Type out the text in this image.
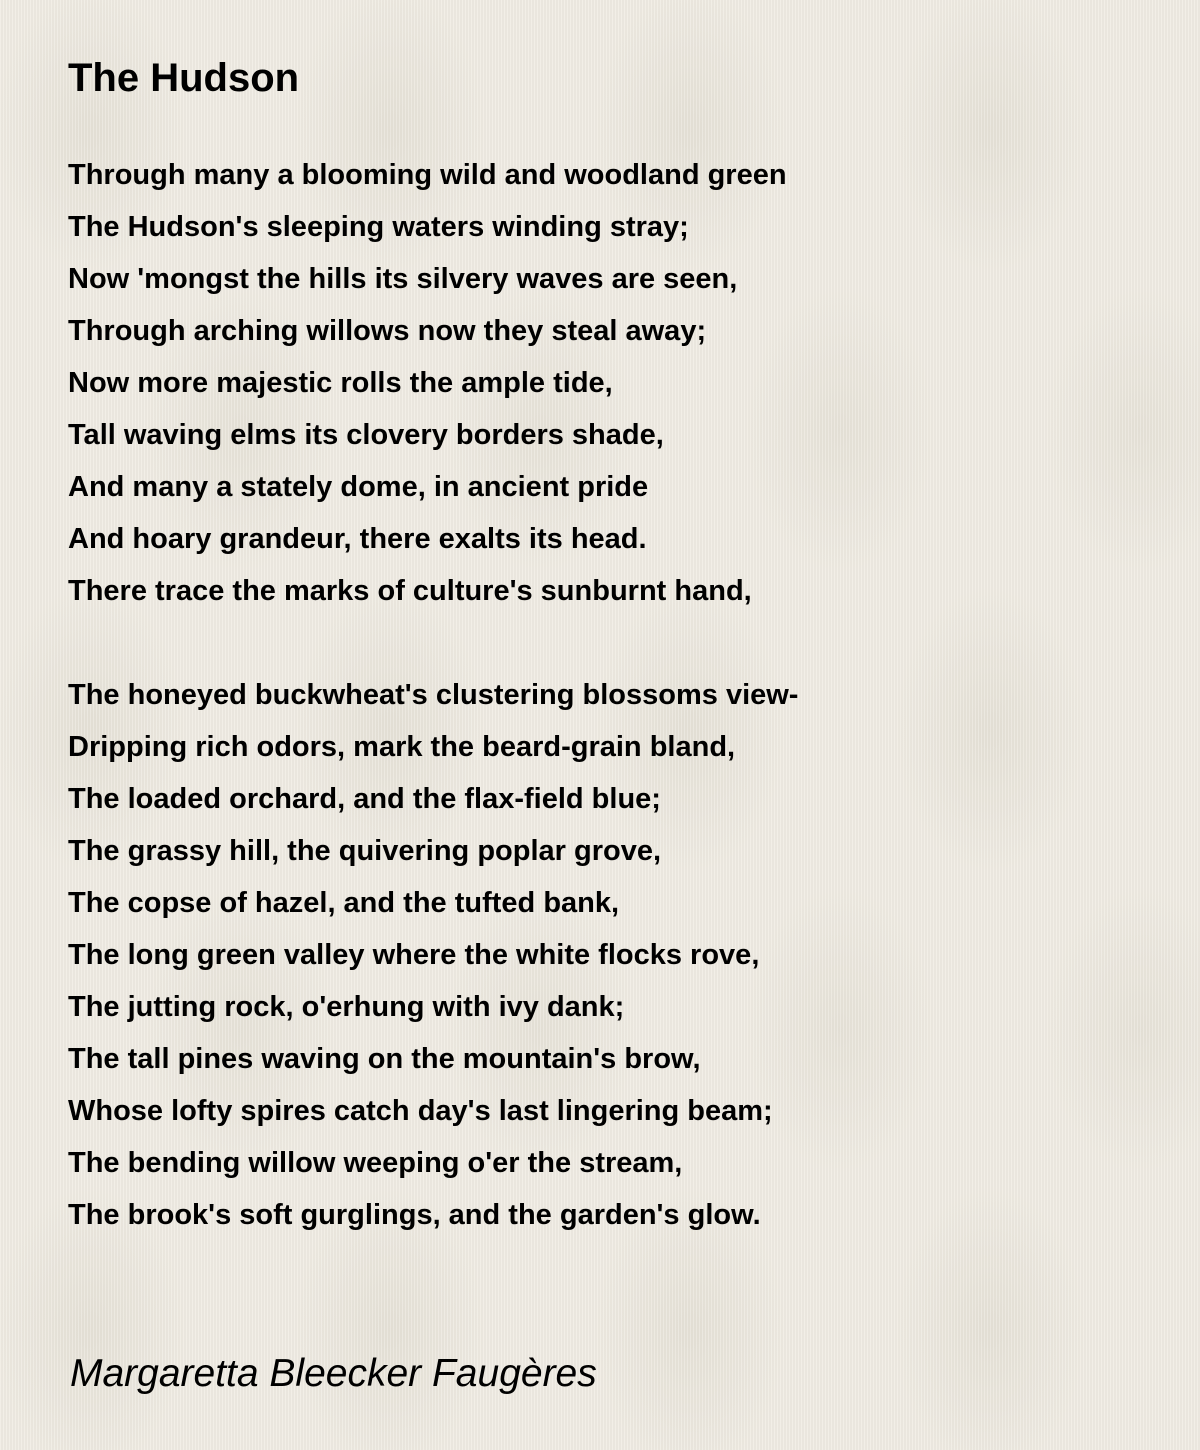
The Hudson
Through many a blooming wild and woodland green
The Hudson's sleeping waters winding stray;
Now 'mongst the hills its silvery waves are seen,
Through arching willows now they steal away;
Now more majestic rolls the ample tide,
Tall waving elms its clovery borders shade,
And many a stately dome, in ancient pride
And hoary grandeur, there exalts its head.
There trace the marks of culture's sunburnt hand,
The honeyed buckwheat's clustering blossoms view-
Dripping rich odors, mark the beard-grain bland,
The loaded orchard, and the flax-field blue;
The grassy hill, the quivering poplar grove,
The copse of hazel, and the tufted bank,
The long green valley where the white flocks rove,
The jutting rock, o'erhung with ivy dank;
The tall pines waving on the mountain's brow,
Whose lofty spires catch day's last lingering beam;
The bending willow weeping o'er the stream,
The brook's soft gurglings, and the garden's glow.
Margaretta Bleecker Faugères
